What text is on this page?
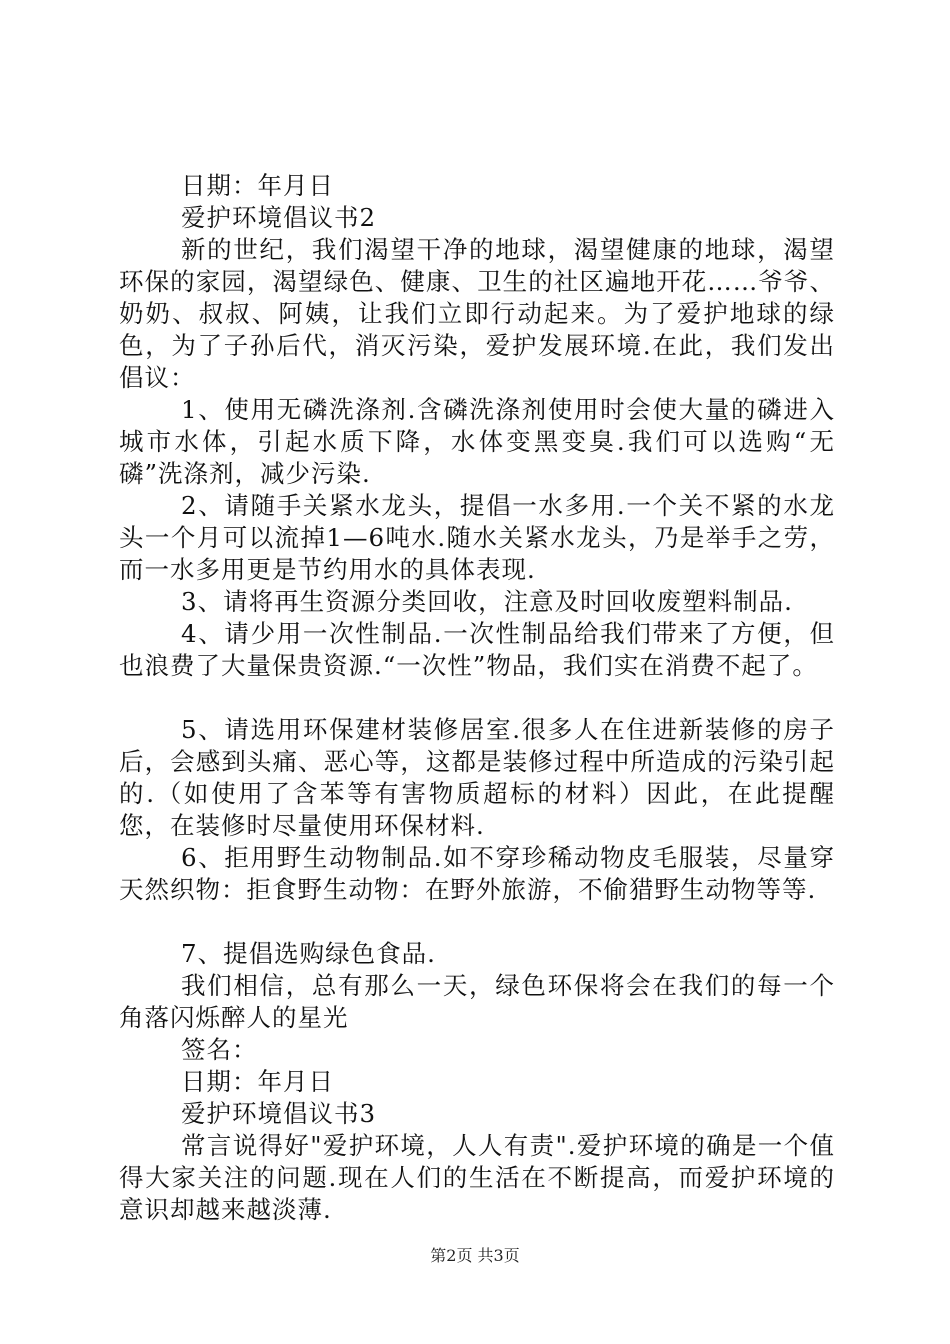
日期：年月日
爱护环境倡议书2
新的世纪，我们渴望干净的地球，渴望健康的地球，渴望环保的家园，渴望绿色、健康、卫生的社区遍地开花……爷爷、奶奶、叔叔、阿姨，让我们立即行动起来。为了爱护地球的绿色，为了子孙后代，消灭污染，爱护发展环境.在此，我们发出倡议：
1、使用无磷洗涤剂.含磷洗涤剂使用时会使大量的磷进入城市水体，引起水质下降，水体变黑变臭.我们可以选购“无磷”洗涤剂，减少污染.
2、请随手关紧水龙头，提倡一水多用.一个关不紧的水龙头一个月可以流掉1—6吨水.随水关紧水龙头，乃是举手之劳，而一水多用更是节约用水的具体表现.
3、请将再生资源分类回收，注意及时回收废塑料制品.
4、请少用一次性制品.一次性制品给我们带来了方便，但也浪费了大量保贵资源.“一次性”物品，我们实在消费不起了。
5、请选用环保建材装修居室.很多人在住进新装修的房子后，会感到头痛、恶心等，这都是装修过程中所造成的污染引起的.（如使用了含苯等有害物质超标的材料）因此，在此提醒您，在装修时尽量使用环保材料.
6、拒用野生动物制品.如不穿珍稀动物皮毛服装，尽量穿天然织物：拒食野生动物：在野外旅游，不偷猎野生动物等等.
7、提倡选购绿色食品.
我们相信，总有那么一天，绿色环保将会在我们的每一个角落闪烁醉人的星光
签名：
日期：年月日
爱护环境倡议书3
常言说得好"爱护环境，人人有责".爱护环境的确是一个值得大家关注的问题.现在人们的生活在不断提高，而爱护环境的意识却越来越淡薄.
第2页 共3页
